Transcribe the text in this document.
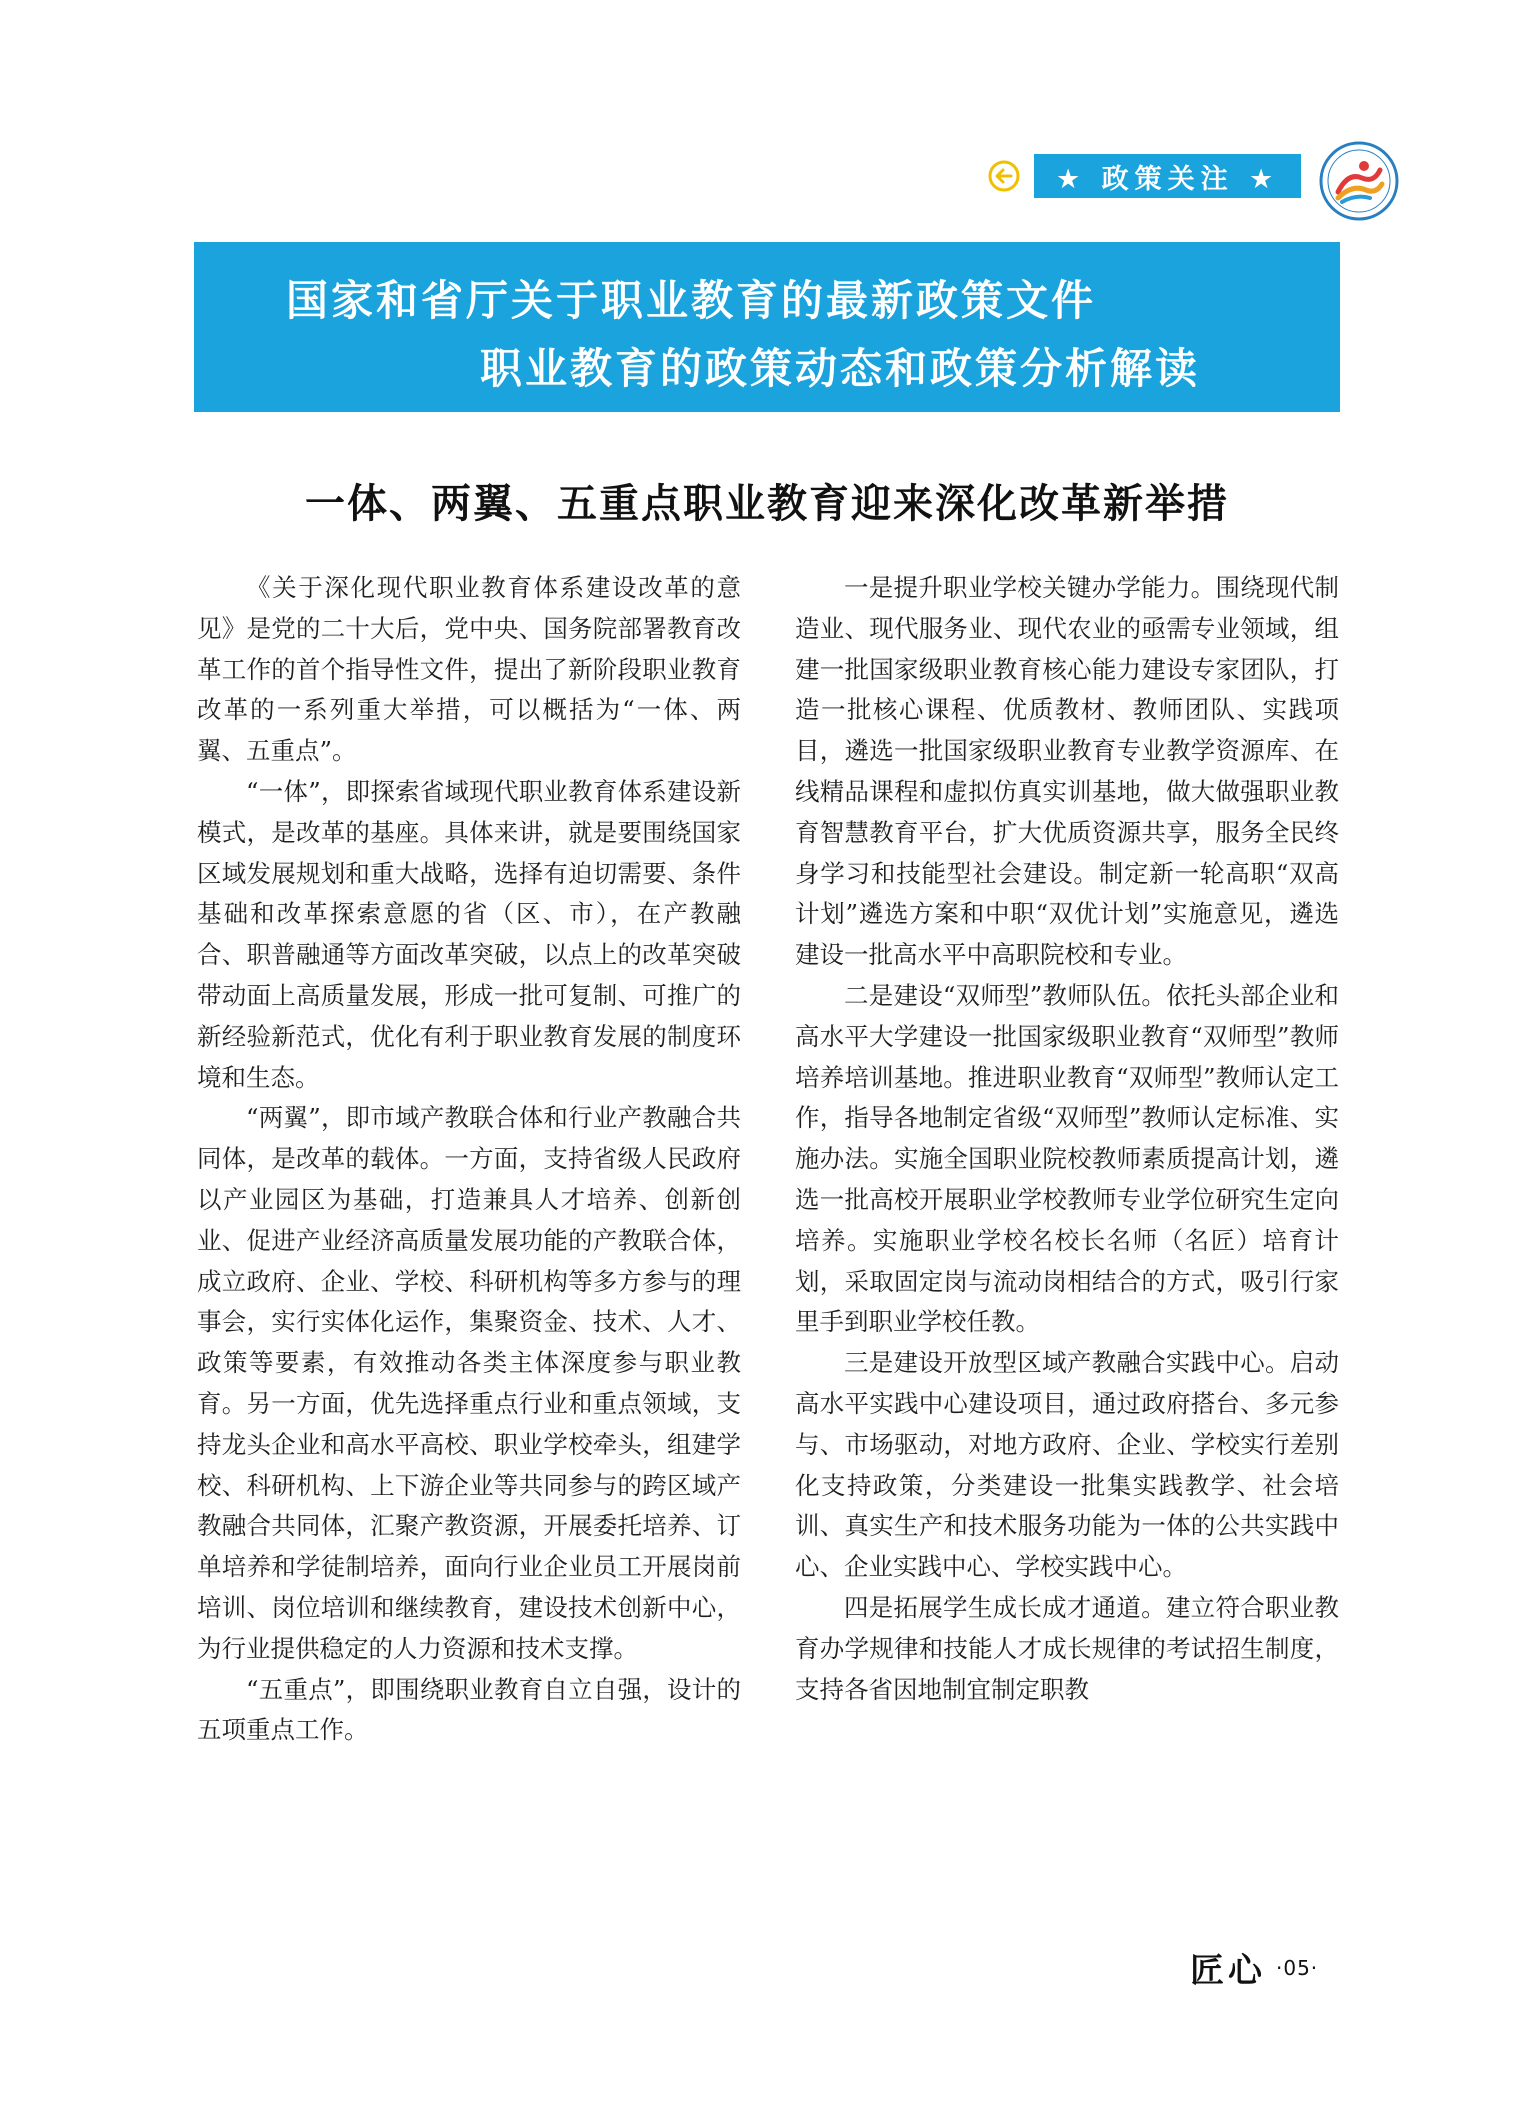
★ 政策关注 ★
国家和省厅关于职业教育的最新政策文件
职业教育的政策动态和政策分析解读
一体、两翼、五重点职业教育迎来深化改革新举措

《关于深化现代职业教育体系建设改革的意见》是党的二十大后，党中央、国务院部署教育改革工作的首个指导性文件，提出了新阶段职业教育改革的一系列重大举措，可以概括为“一体、两翼、五重点”。

“一体”，即探索省域现代职业教育体系建设新模式，是改革的基座。具体来讲，就是要围绕国家区域发展规划和重大战略，选择有迫切需要、条件基础和改革探索意愿的省（区、市），在产教融合、职普融通等方面改革突破，以点上的改革突破带动面上高质量发展，形成一批可复制、可推广的新经验新范式，优化有利于职业教育发展的制度环境和生态。

“两翼”，即市域产教联合体和行业产教融合共同体，是改革的载体。一方面，支持省级人民政府以产业园区为基础，打造兼具人才培养、创新创业、促进产业经济高质量发展功能的产教联合体，成立政府、企业、学校、科研机构等多方参与的理事会，实行实体化运作，集聚资金、技术、人才、政策等要素，有效推动各类主体深度参与职业教育。另一方面，优先选择重点行业和重点领域，支持龙头企业和高水平高校、职业学校牵头，组建学校、科研机构、上下游企业等共同参与的跨区域产教融合共同体，汇聚产教资源，开展委托培养、订单培养和学徒制培养，面向行业企业员工开展岗前培训、岗位培训和继续教育，建设技术创新中心，为行业提供稳定的人力资源和技术支撑。

“五重点”，即围绕职业教育自立自强，设计的五项重点工作。

一是提升职业学校关键办学能力。围绕现代制造业、现代服务业、现代农业的亟需专业领域，组建一批国家级职业教育核心能力建设专家团队，打造一批核心课程、优质教材、教师团队、实践项目，遴选一批国家级职业教育专业教学资源库、在线精品课程和虚拟仿真实训基地，做大做强职业教育智慧教育平台，扩大优质资源共享，服务全民终身学习和技能型社会建设。制定新一轮高职“双高计划”遴选方案和中职“双优计划”实施意见，遴选建设一批高水平中高职院校和专业。

二是建设“双师型”教师队伍。依托头部企业和高水平大学建设一批国家级职业教育“双师型”教师培养培训基地。推进职业教育“双师型”教师认定工作，指导各地制定省级“双师型”教师认定标准、实施办法。实施全国职业院校教师素质提高计划，遴选一批高校开展职业学校教师专业学位研究生定向培养。实施职业学校名校长名师（名匠）培育计划，采取固定岗与流动岗相结合的方式，吸引行家里手到职业学校任教。

三是建设开放型区域产教融合实践中心。启动高水平实践中心建设项目，通过政府搭台、多元参与、市场驱动，对地方政府、企业、学校实行差别化支持政策，分类建设一批集实践教学、社会培训、真实生产和技术服务功能为一体的公共实践中心、企业实践中心、学校实践中心。

四是拓展学生成长成才通道。建立符合职业教育办学规律和技能人才成长规律的考试招生制度，支持各省因地制宜制定职教

匠心 ·05·
